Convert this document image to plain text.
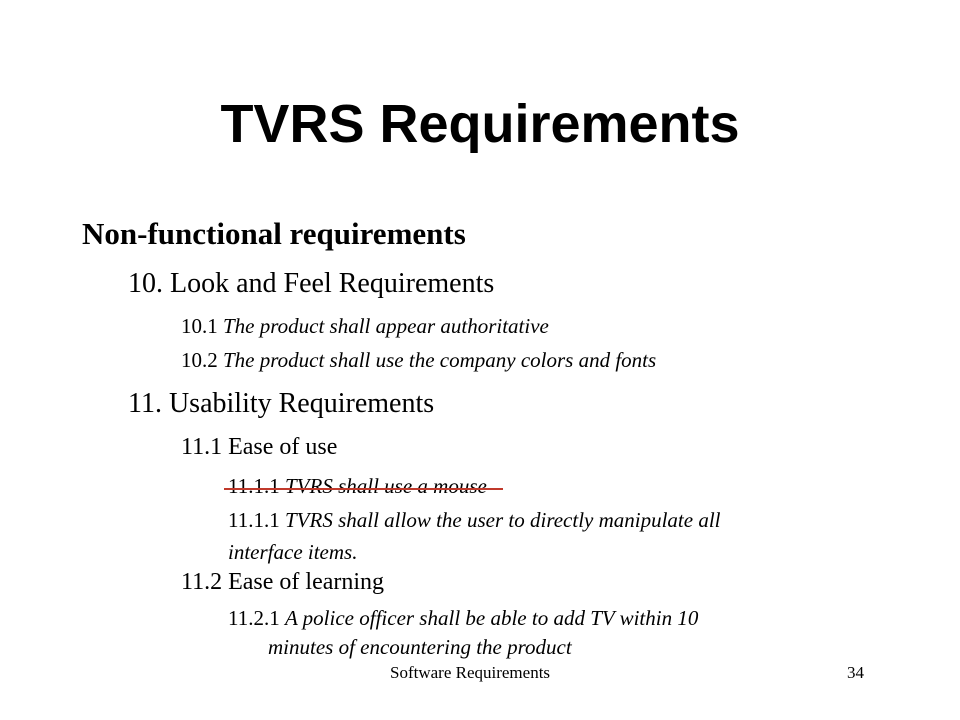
TVRS Requirements
Non-functional requirements
10. Look and Feel Requirements
10.1 The product shall appear authoritative
10.2 The product shall use the company colors and fonts
11. Usability Requirements
11.1 Ease of use
11.1.1 TVRS shall use a mouse
11.1.1 TVRS shall allow the user to directly manipulate all
interface items.
11.2 Ease of learning
11.2.1 A police officer shall be able to add TV within 10
minutes of encountering the product
Software Requirements	34
